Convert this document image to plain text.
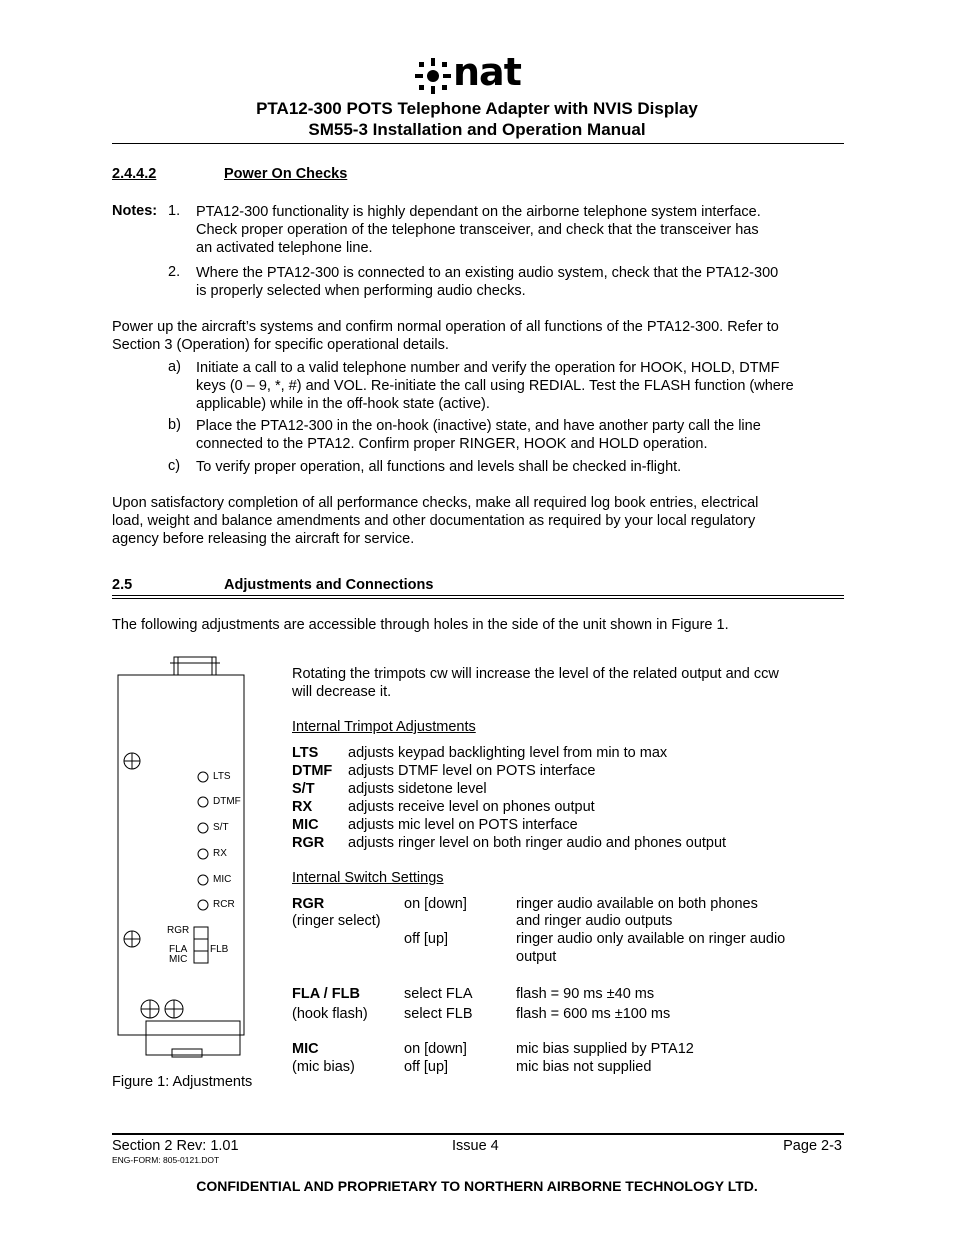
nat
PTA12-300 POTS Telephone Adapter with NVIS Display
SM55-3 Installation and Operation Manual
2.4.4.2	Power On Checks
Notes: 1. PTA12-300 functionality is highly dependant on the airborne telephone system interface.
Check proper operation of the telephone transceiver, and check that the transceiver has
an activated telephone line.
2. Where the PTA12-300 is connected to an existing audio system, check that the PTA12-300
is properly selected when performing audio checks.
Power up the aircraft’s systems and confirm normal operation of all functions of the PTA12-300. Refer to
Section 3 (Operation) for specific operational details.
a) Initiate a call to a valid telephone number and verify the operation for HOOK, HOLD, DTMF
keys (0 – 9, *, #) and VOL. Re-initiate the call using REDIAL. Test the FLASH function (where
applicable) while in the off-hook state (active).
b) Place the PTA12-300 in the on-hook (inactive) state, and have another party call the line
connected to the PTA12. Confirm proper RINGER, HOOK and HOLD operation.
c) To verify proper operation, all functions and levels shall be checked in-flight.
Upon satisfactory completion of all performance checks, make all required log book entries, electrical
load, weight and balance amendments and other documentation as required by your local regulatory
agency before releasing the aircraft for service.
2.5	Adjustments and Connections
The following adjustments are accessible through holes in the side of the unit shown in Figure 1.
LTS
DTMF
S/T
RX
MIC
RCR
RGR
FLA
MIC
FLB
Figure 1: Adjustments
Rotating the trimpots cw will increase the level of the related output and ccw
will decrease it.
Internal Trimpot Adjustments
LTS adjusts keypad backlighting level from min to max
DTMF adjusts DTMF level on POTS interface
S/T adjusts sidetone level
RX adjusts receive level on phones output
MIC adjusts mic level on POTS interface
RGR adjusts ringer level on both ringer audio and phones output
Internal Switch Settings
RGR
(ringer select)
on [down]	ringer audio available on both phones
and ringer audio outputs
off [up]	ringer audio only available on ringer audio
output
FLA / FLB
(hook flash)
select FLA	flash = 90 ms ±40 ms
select FLB	flash = 600 ms ±100 ms
MIC
(mic bias)
on [down]	mic bias supplied by PTA12
off [up]	mic bias not supplied
Section 2 Rev: 1.01	Issue 4	Page 2-3
ENG-FORM: 805-0121.DOT
CONFIDENTIAL AND PROPRIETARY TO NORTHERN AIRBORNE TECHNOLOGY LTD.
